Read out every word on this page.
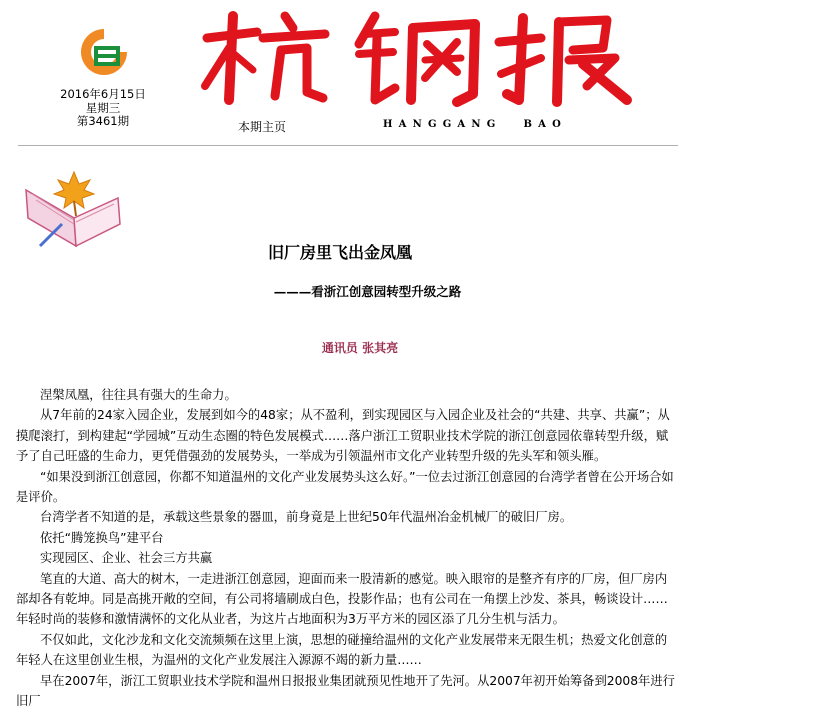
2016年6月15日
星期三
第3461期	本期主页	HANGGANG BAO
旧厂房里飞出金凤凰
———看浙江创意园转型升级之路
通讯员 张其亮

涅槃凤凰，往往具有强大的生命力。

从7年前的24家入园企业，发展到如今的48家；从不盈利，到实现园区与入园企业及社会的“共建、共享、共赢”；从摸爬滚打，到构建起“学园城”互动生态圈的特色发展模式……落户浙江工贸职业技术学院的浙江创意园依靠转型升级，赋予了自己旺盛的生命力，更凭借强劲的发展势头，一举成为引领温州市文化产业转型升级的先头军和领头雁。

“如果没到浙江创意园，你都不知道温州的文化产业发展势头这么好。”一位去过浙江创意园的台湾学者曾在公开场合如是评价。

台湾学者不知道的是，承载这些景象的器皿，前身竟是上世纪50年代温州冶金机械厂的破旧厂房。

依托“腾笼换鸟”建平台

实现园区、企业、社会三方共赢

笔直的大道、高大的树木，一走进浙江创意园，迎面而来一股清新的感觉。映入眼帘的是整齐有序的厂房，但厂房内部却各有乾坤。同是高挑开敞的空间，有公司将墙刷成白色，投影作品；也有公司在一角摆上沙发、茶具，畅谈设计……年轻时尚的装修和激情满怀的文化从业者，为这片占地面积为3万平方米的园区添了几分生机与活力。

不仅如此，文化沙龙和文化交流频频在这里上演，思想的碰撞给温州的文化产业发展带来无限生机；热爱文化创意的年轻人在这里创业生根，为温州的文化产业发展注入源源不竭的新力量……

早在2007年，浙江工贸职业技术学院和温州日报报业集团就预见性地开了先河。从2007年初开始筹备到2008年进行旧厂
